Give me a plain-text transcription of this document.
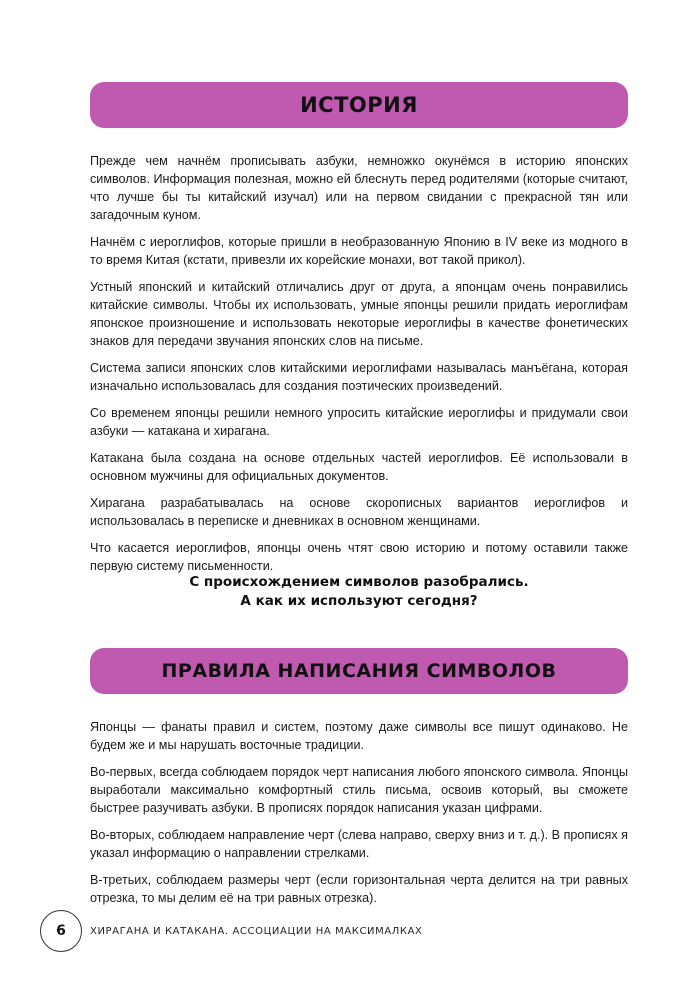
ИСТОРИЯ

Прежде чем начнём прописывать азбуки, немножко окунёмся в историю японских символов. Информация полезная, можно ей блеснуть перед родителями (которые считают, что лучше бы ты китайский изучал) или на первом свидании с прекрасной тян или загадочным куном.

Начнём с иероглифов, которые пришли в необразованную Японию в IV веке из модного в то время Китая (кстати, привезли их корейские монахи, вот такой прикол).

Устный японский и китайский отличались друг от друга, а японцам очень понравились китайские символы. Чтобы их использовать, умные японцы решили придать иероглифам японское произношение и использовать некоторые иероглифы в качестве фонетических знаков для передачи звучания японских слов на письме.

Система записи японских слов китайскими иероглифами называлась манъёгана, которая изначально использовалась для создания поэтических произведений.

Со временем японцы решили немного упросить китайские иероглифы и придумали свои азбуки — катакана и хирагана.

Катакана была создана на основе отдельных частей иероглифов. Её использовали в основном мужчины для официальных документов.

Хирагана разрабатывалась на основе скорописных вариантов иероглифов и использовалась в переписке и дневниках в основном женщинами.

Что касается иероглифов, японцы очень чтят свою историю и потому оставили также первую систему письменности.

С происхождением символов разобрались.
А как их используют сегодня?
ПРАВИЛА НАПИСАНИЯ СИМВОЛОВ

Японцы — фанаты правил и систем, поэтому даже символы все пишут одинаково. Не будем же и мы нарушать восточные традиции.

Во-первых, всегда соблюдаем порядок черт написания любого японского символа. Японцы выработали максимально комфортный стиль письма, освоив который, вы сможете быстрее разучивать азбуки. В прописях порядок написания указан цифрами.

Во-вторых, соблюдаем направление черт (слева направо, сверху вниз и т. д.). В прописях я указал информацию о направлении стрелками.

В-третьих, соблюдаем размеры черт (если горизонтальная черта делится на три равных отрезка, то мы делим её на три равных отрезка).

6	ХИРАГАНА И КАТАКАНА. АССОЦИАЦИИ НА МАКСИМАЛКАХ
